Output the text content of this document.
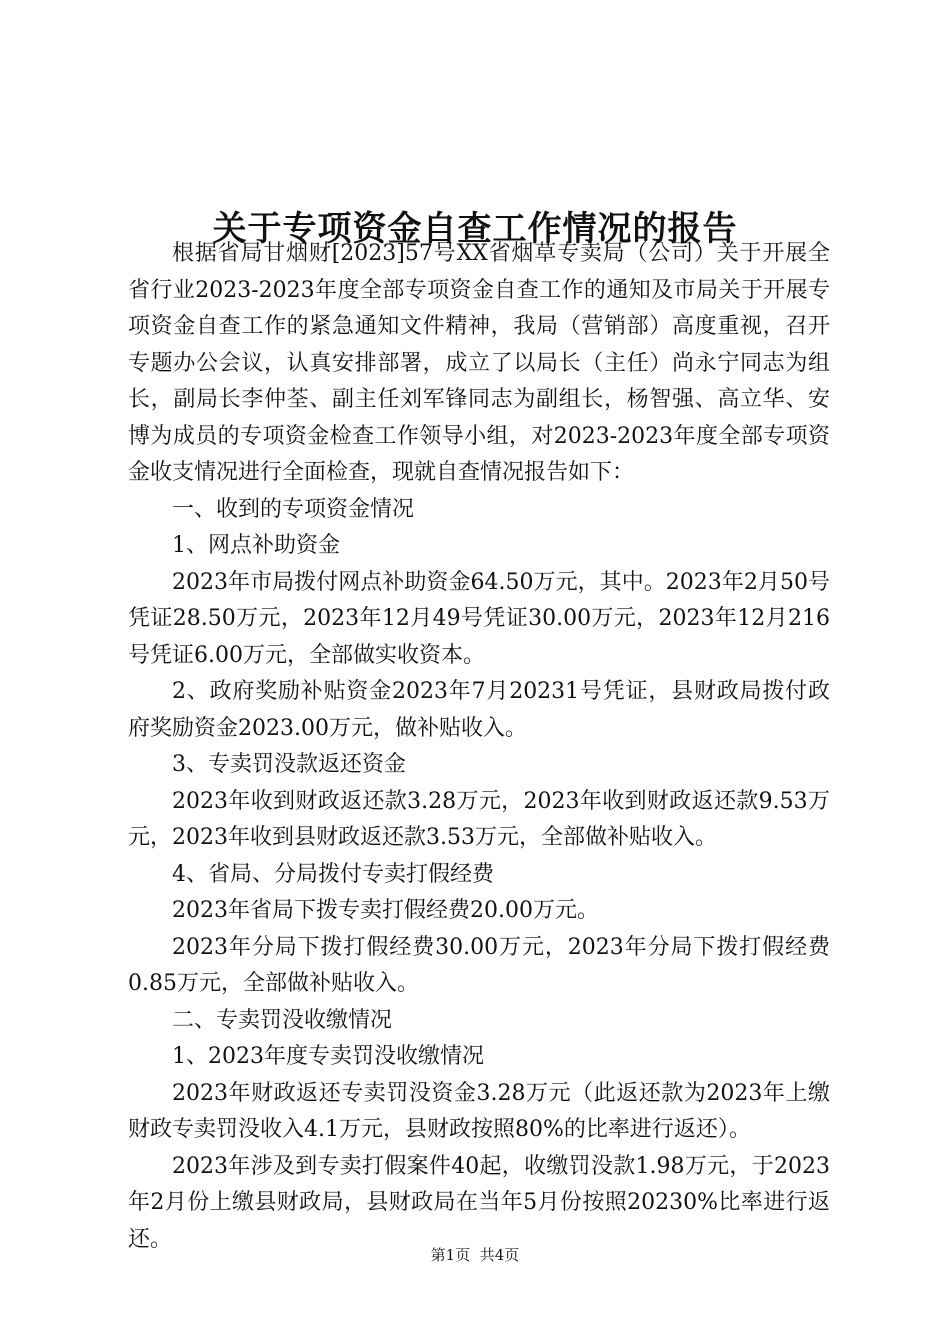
关于专项资金自查工作情况的报告

根据省局甘烟财[2023]57号XX省烟草专卖局（公司）关于开展全省行业2023-2023年度全部专项资金自查工作的通知及市局关于开展专项资金自查工作的紧急通知文件精神，我局（营销部）高度重视，召开专题办公会议，认真安排部署，成立了以局长（主任）尚永宁同志为组长，副局长李仲荃、副主任刘军锋同志为副组长，杨智强、高立华、安博为成员的专项资金检查工作领导小组，对2023-2023年度全部专项资金收支情况进行全面检查，现就自查情况报告如下：

一、收到的专项资金情况

1、网点补助资金

2023年市局拨付网点补助资金64.50万元，其中。2023年2月50号凭证28.50万元，2023年12月49号凭证30.00万元，2023年12月216号凭证6.00万元，全部做实收资本。

2、政府奖励补贴资金2023年7月20231号凭证，县财政局拨付政府奖励资金2023.00万元，做补贴收入。

3、专卖罚没款返还资金

2023年收到财政返还款3.28万元，2023年收到财政返还款9.53万元，2023年收到县财政返还款3.53万元，全部做补贴收入。

4、省局、分局拨付专卖打假经费

2023年省局下拨专卖打假经费20.00万元。

2023年分局下拨打假经费30.00万元，2023年分局下拨打假经费0.85万元，全部做补贴收入。

二、专卖罚没收缴情况

1、2023年度专卖罚没收缴情况

2023年财政返还专卖罚没资金3.28万元（此返还款为2023年上缴财政专卖罚没收入4.1万元，县财政按照80%的比率进行返还）。

2023年涉及到专卖打假案件40起，收缴罚没款1.98万元，于2023年2月份上缴县财政局，县财政局在当年5月份按照20230%比率进行返还。

第1页 共4页
